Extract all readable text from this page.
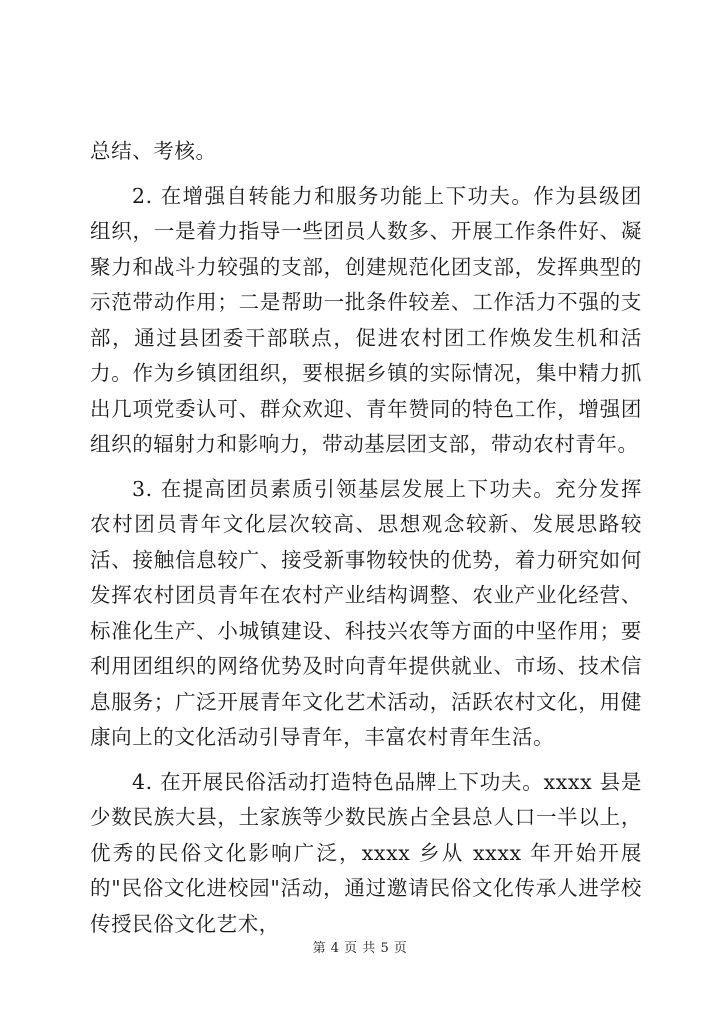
总结、考核。

2. 在增强自转能力和服务功能上下功夫。作为县级团组织，一是着力指导一些团员人数多、开展工作条件好、凝聚力和战斗力较强的支部，创建规范化团支部，发挥典型的示范带动作用；二是帮助一批条件较差、工作活力不强的支部，通过县团委干部联点，促进农村团工作焕发生机和活力。作为乡镇团组织，要根据乡镇的实际情况，集中精力抓出几项党委认可、群众欢迎、青年赞同的特色工作，增强团组织的辐射力和影响力，带动基层团支部，带动农村青年。

3. 在提高团员素质引领基层发展上下功夫。充分发挥农村团员青年文化层次较高、思想观念较新、发展思路较活、接触信息较广、接受新事物较快的优势，着力研究如何发挥农村团员青年在农村产业结构调整、农业产业化经营、标准化生产、小城镇建设、科技兴农等方面的中坚作用；要利用团组织的网络优势及时向青年提供就业、市场、技术信息服务；广泛开展青年文化艺术活动，活跃农村文化，用健康向上的文化活动引导青年，丰富农村青年生活。

4. 在开展民俗活动打造特色品牌上下功夫。xxxx 县是少数民族大县，土家族等少数民族占全县总人口一半以上，优秀的民俗文化影响广泛，xxxx 乡从 xxxx 年开始开展的"民俗文化进校园"活动，通过邀请民俗文化传承人进学校传授民俗文化艺术，

第 4 页 共 5 页
